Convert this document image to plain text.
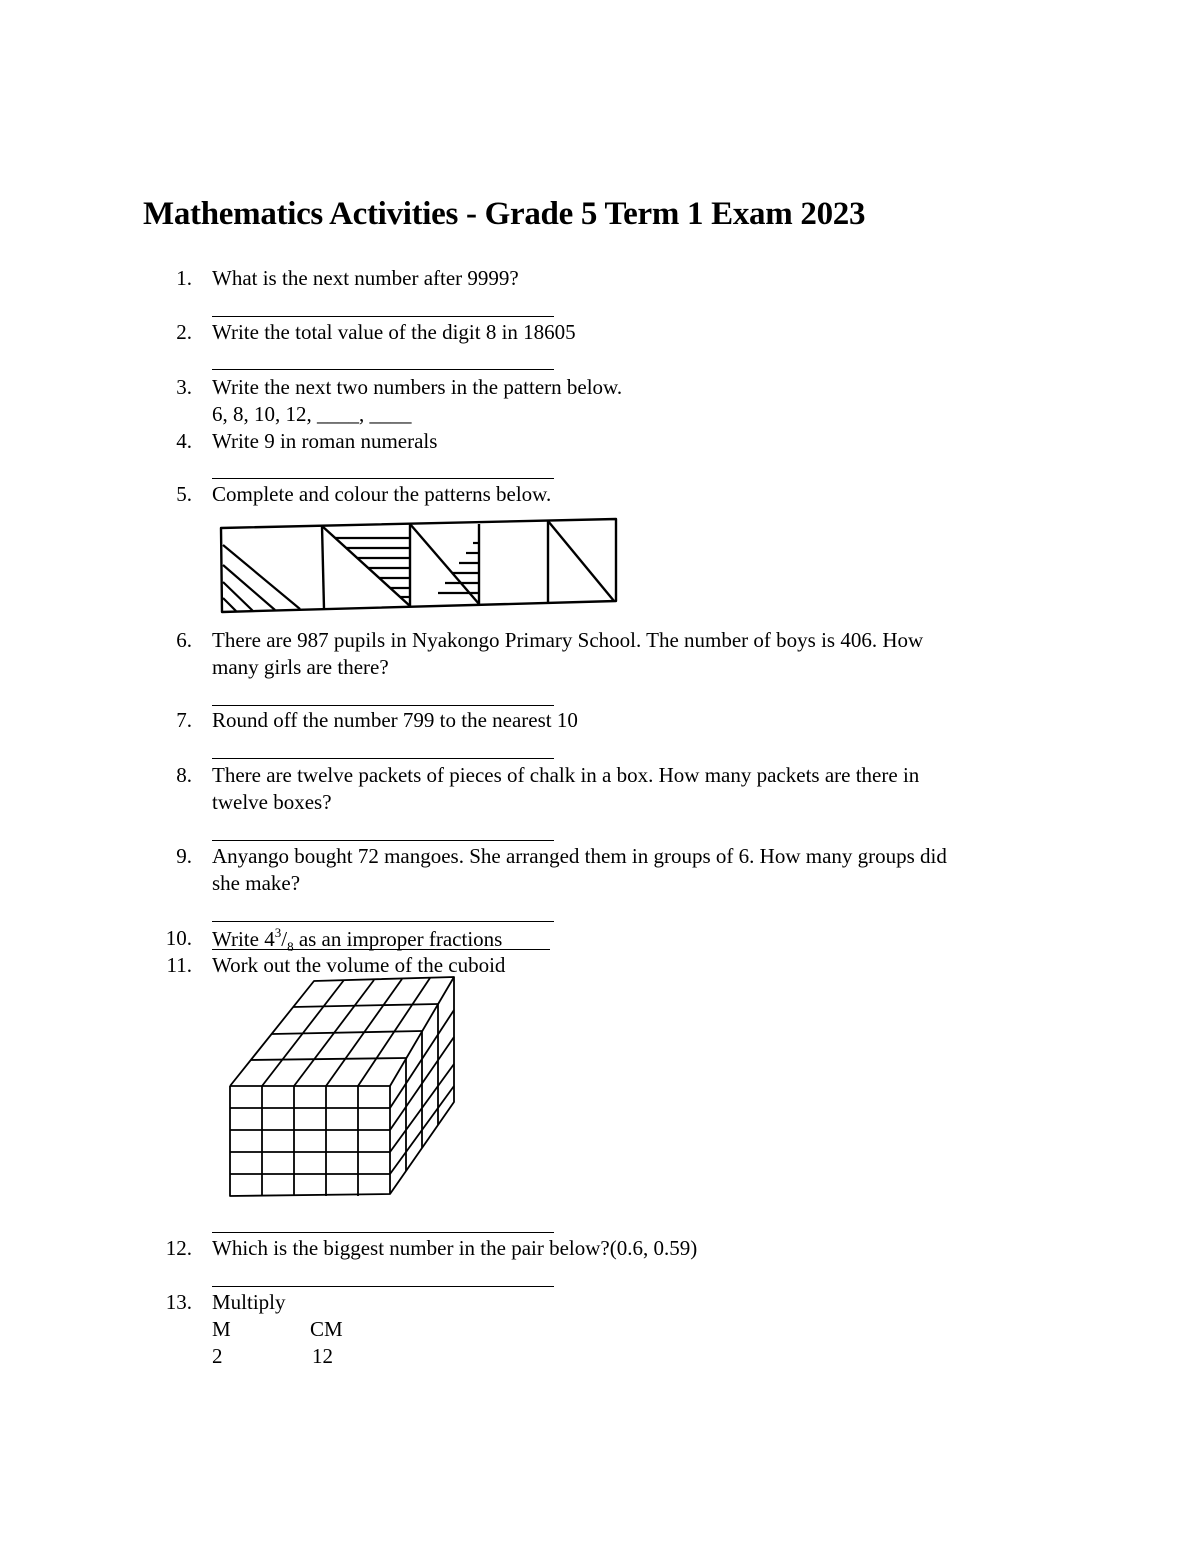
Mathematics Activities - Grade 5 Term 1 Exam 2023
1. What is the next number after 9999?
2. Write the total value of the digit 8 in 18605
3. Write the next two numbers in the pattern below.
6, 8, 10, 12, ____, ____
4. Write 9 in roman numerals
5. Complete and colour the patterns below.
6. There are 987 pupils in Nyakongo Primary School. The number of boys is 406. How
many girls are there?
7. Round off the number 799 to the nearest 10
8. There are twelve packets of pieces of chalk in a box. How many packets are there in
twelve boxes?
9. Anyango bought 72 mangoes. She arranged them in groups of 6. How many groups did
she make?
10. Write $4^3/_8$ as an improper fractions
11. Work out the volume of the cuboid
12. Which is the biggest number in the pair below?(0.6, 0.59)
13. Multiply
M	CM
2	12
